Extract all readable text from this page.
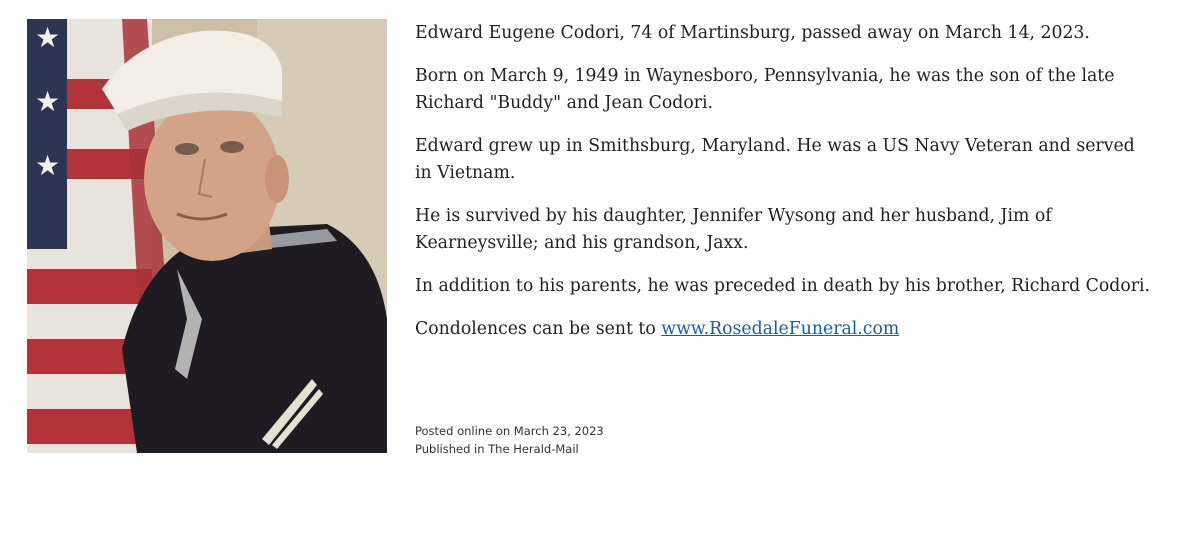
★
★
★

Edward Eugene Codori, 74 of Martinsburg, passed away on March 14, 2023.

Born on March 9, 1949 in Waynesboro, Pennsylvania, he was the son of the late Richard "Buddy" and Jean Codori.

Edward grew up in Smithsburg, Maryland. He was a US Navy Veteran and served in Vietnam.

He is survived by his daughter, Jennifer Wysong and her husband, Jim of Kearneysville; and his grandson, Jaxx.

In addition to his parents, he was preceded in death by his brother, Richard Codori.

Condolences can be sent to www.RosedaleFuneral.com

Posted online on March 23, 2023
Published in The Herald-Mail
